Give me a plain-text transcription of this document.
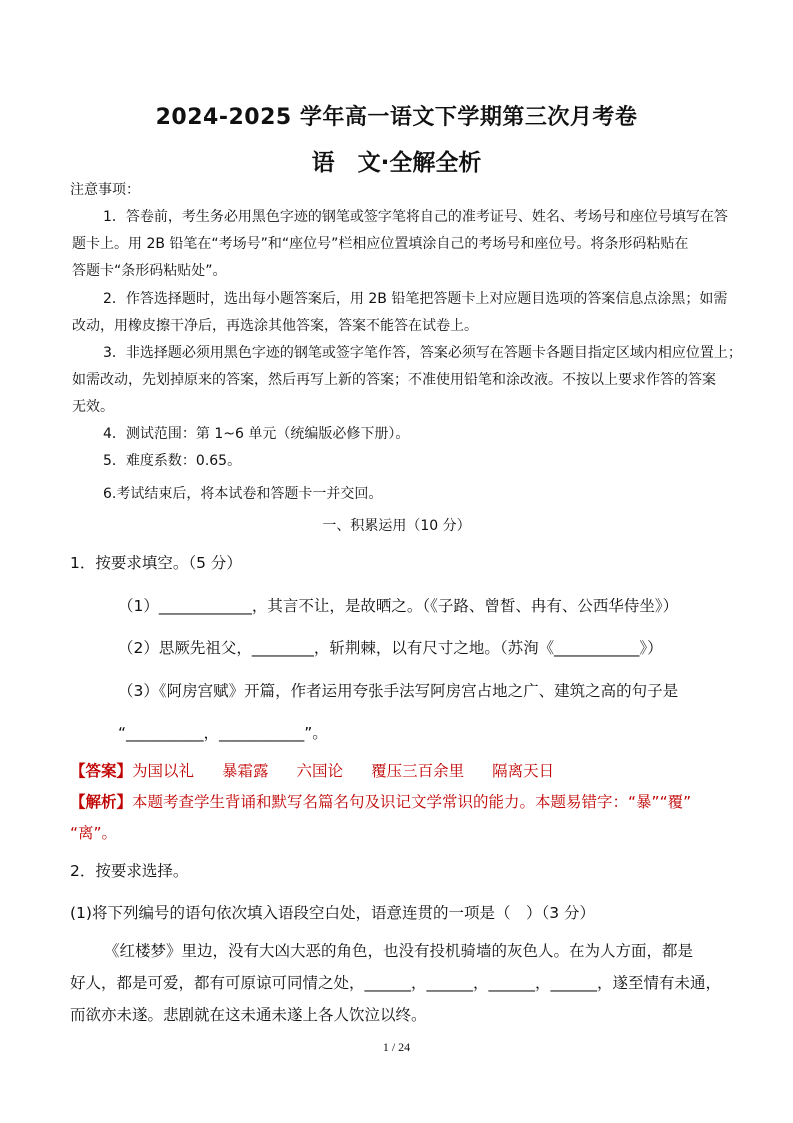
2024-2025 学年高一语文下学期第三次月考卷
语　文·全解全析
注意事项：
1．答卷前，考生务必用黑色字迹的钢笔或签字笔将自己的准考证号、姓名、考场号和座位号填写在答
题卡上。用 2B 铅笔在“考场号”和“座位号”栏相应位置填涂自己的考场号和座位号。将条形码粘贴在
答题卡“条形码粘贴处”。
2．作答选择题时，选出每小题答案后，用 2B 铅笔把答题卡上对应题目选项的答案信息点涂黑；如需
改动，用橡皮擦干净后，再选涂其他答案，答案不能答在试卷上。
3．非选择题必须用黑色字迹的钢笔或签字笔作答，答案必须写在答题卡各题目指定区域内相应位置上；
如需改动，先划掉原来的答案，然后再写上新的答案；不准使用铅笔和涂改液。不按以上要求作答的答案
无效。
4．测试范围：第 1~6 单元（统编版必修下册）。
5．难度系数：0.65。
6.考试结束后，将本试卷和答题卡一并交回。
一、积累运用（10 分）
1．按要求填空。（5 分）
（1）____________，其言不让，是故晒之。（《子路、曾皙、冉有、公西华侍坐》）
（2）思厥先祖父，________，斩荆棘，以有尺寸之地。（苏洵《___________》）
（3）《阿房宫赋》开篇，作者运用夸张手法写阿房宫占地之广、建筑之高的句子是
“__________，___________”。
【答案】为国以礼 暴霜露 六国论 覆压三百余里 隔离天日
【解析】本题考查学生背诵和默写名篇名句及识记文学常识的能力。本题易错字：“暴”“覆”
“离”。
2．按要求选择。
(1)将下列编号的语句依次填入语段空白处，语意连贯的一项是（　）（3 分）
《红楼梦》里边，没有大凶大恶的角色，也没有投机骑墙的灰色人。在为人方面，都是
好人，都是可爱，都有可原谅可同情之处，______，______，______，______，遂至情有未通，
而欲亦未遂。悲剧就在这未通未遂上各人饮泣以终。
1 / 24
